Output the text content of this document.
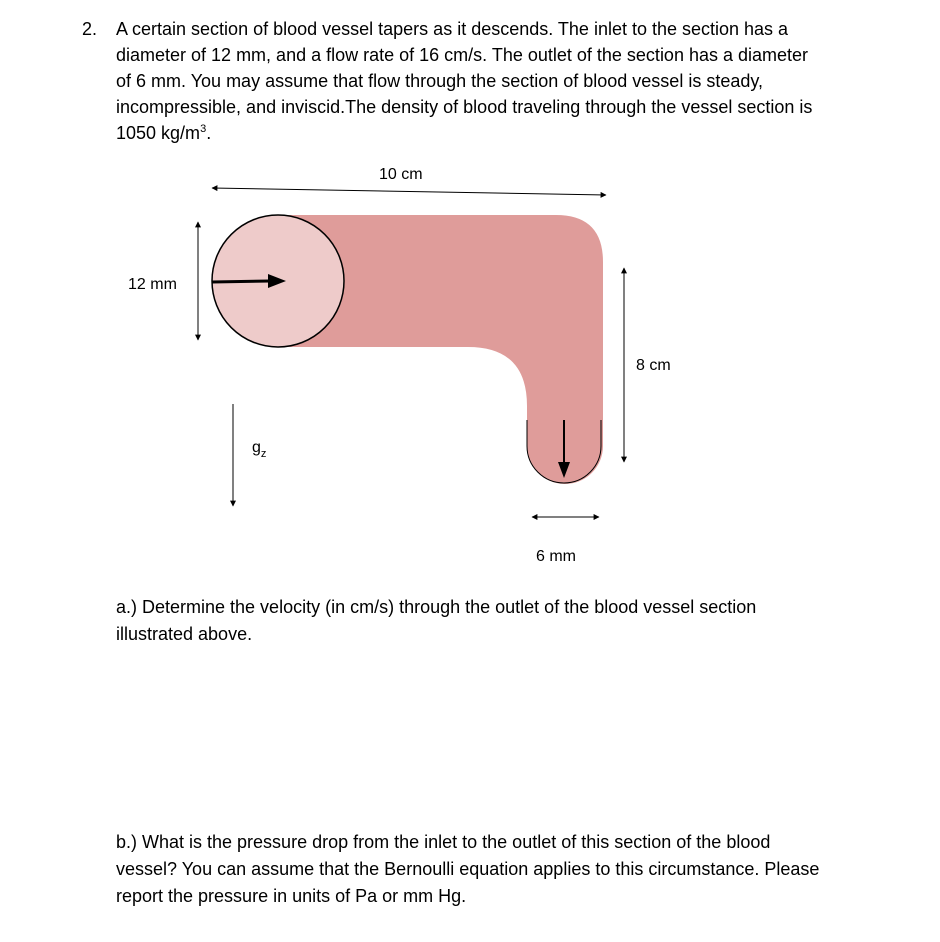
2. A certain section of blood vessel tapers as it descends. The inlet to the section has a
diameter of 12 mm, and a flow rate of 16 cm/s. The outlet of the section has a diameter
of 6 mm. You may assume that flow through the section of blood vessel is steady,
incompressible, and inviscid.The density of blood traveling through the vessel section is
1050 $kg/m^3$.
10 cm
12 mm
8 cm
$g_z$
6 mm
a.) Determine the velocity (in cm/s) through the outlet of the blood vessel section
illustrated above.
b.) What is the pressure drop from the inlet to the outlet of this section of the blood
vessel? You can assume that the Bernoulli equation applies to this circumstance. Please
report the pressure in units of Pa or mm Hg.
